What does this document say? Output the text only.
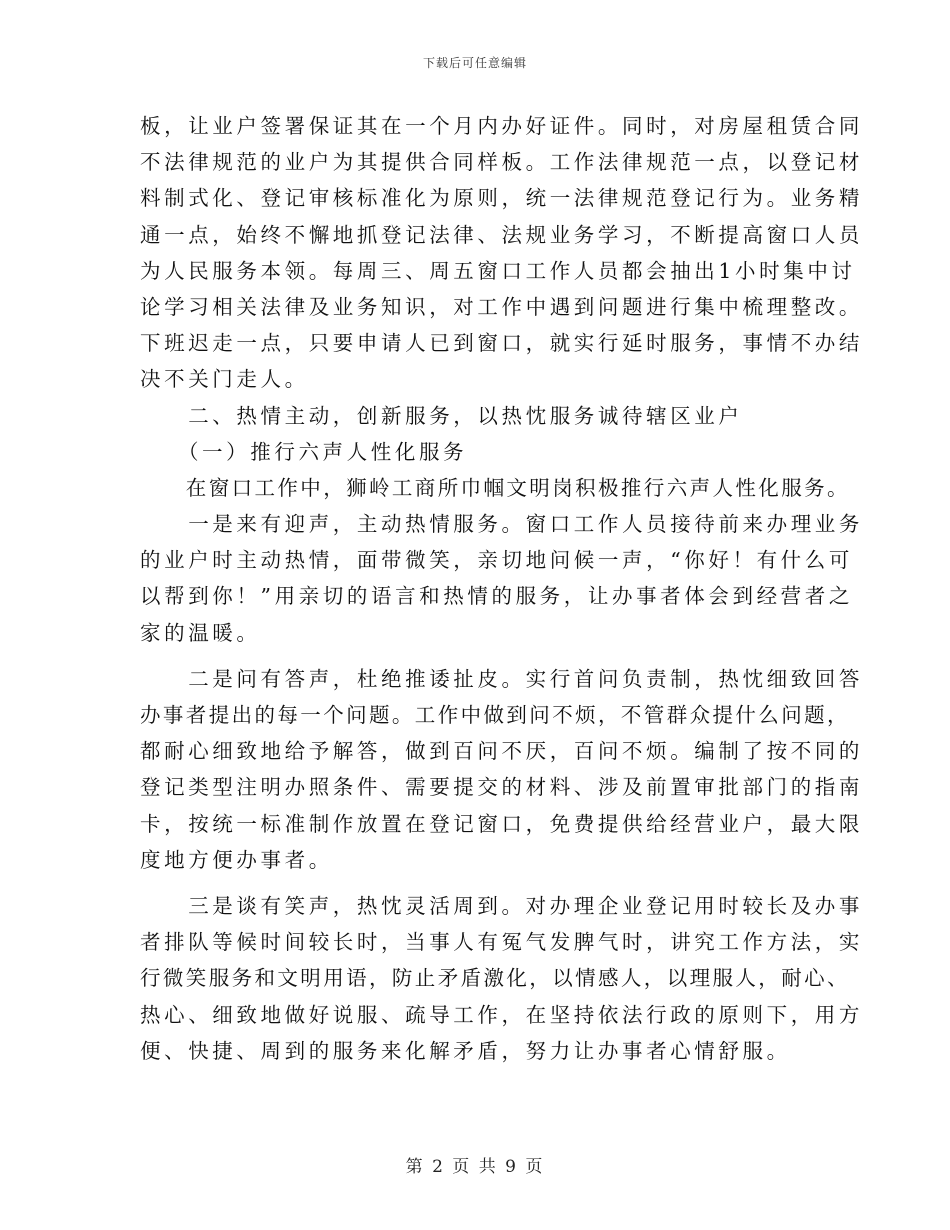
下载后可任意编辑
板，让业户签署保证其在一个月内办好证件。同时，对房屋租赁合同
不法律规范的业户为其提供合同样板。工作法律规范一点，以登记材
料制式化、登记审核标准化为原则，统一法律规范登记行为。业务精
通一点，始终不懈地抓登记法律、法规业务学习，不断提高窗口人员
为人民服务本领。每周三、周五窗口工作人员都会抽出1小时集中讨
论学习相关法律及业务知识，对工作中遇到问题进行集中梳理整改。
下班迟走一点，只要申请人已到窗口，就实行延时服务，事情不办结
决不关门走人。
　　二、热情主动，创新服务，以热忱服务诚待辖区业户
　　（一）推行六声人性化服务
　　在窗口工作中，狮岭工商所巾帼文明岗积极推行六声人性化服务。
　　一是来有迎声，主动热情服务。窗口工作人员接待前来办理业务
的业户时主动热情，面带微笑，亲切地问候一声，“你好！有什么可
以帮到你！”用亲切的语言和热情的服务，让办事者体会到经营者之
家的温暖。
　　二是问有答声，杜绝推诿扯皮。实行首问负责制，热忱细致回答
办事者提出的每一个问题。工作中做到问不烦，不管群众提什么问题，
都耐心细致地给予解答，做到百问不厌，百问不烦。编制了按不同的
登记类型注明办照条件、需要提交的材料、涉及前置审批部门的指南
卡，按统一标准制作放置在登记窗口，免费提供给经营业户，最大限
度地方便办事者。
　　三是谈有笑声，热忱灵活周到。对办理企业登记用时较长及办事
者排队等候时间较长时，当事人有冤气发脾气时，讲究工作方法，实
行微笑服务和文明用语，防止矛盾激化，以情感人，以理服人，耐心、
热心、细致地做好说服、疏导工作，在坚持依法行政的原则下，用方
便、快捷、周到的服务来化解矛盾，努力让办事者心情舒服。
第 2 页 共 9 页
